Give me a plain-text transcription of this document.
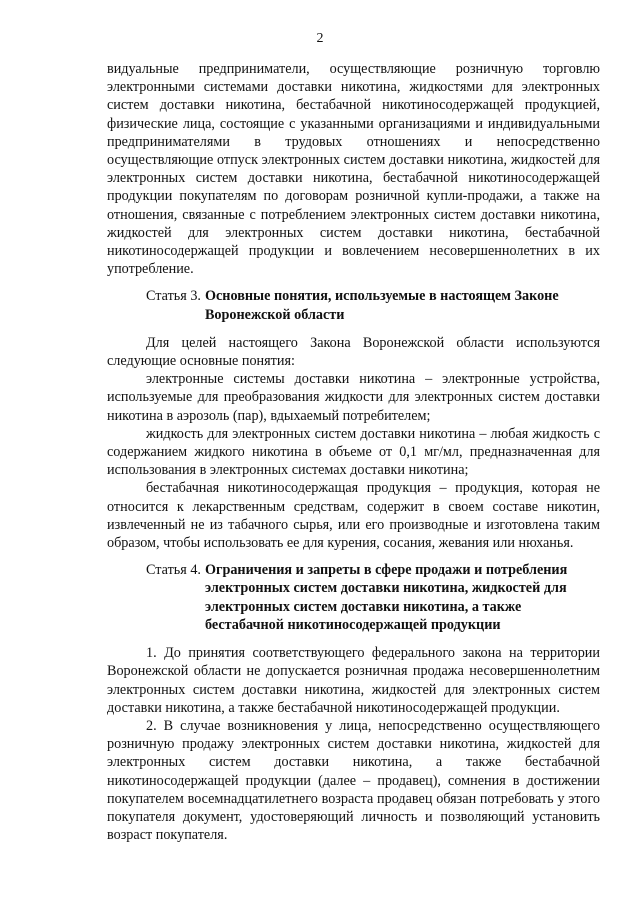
2

видуальные предприниматели, осуществляющие розничную торговлю электронными системами доставки никотина, жидкостями для электронных систем доставки никотина, бестабачной никотиносодержащей продукцией, физические лица, состоящие с указанными организациями и индивидуальными предпринимателями в трудовых отношениях и непосредственно осуществляющие отпуск электронных систем доставки никотина, жидкостей для электронных систем доставки никотина, бестабачной никотиносодержащей продукции покупателям по договорам розничной купли-продажи, а также на отношения, связанные с потреблением электронных систем доставки никотина, жидкостей для электронных систем доставки никотина, бестабачной никотиносодержащей продукции и вовлечением несовершеннолетних в их употребление.

Статья 3. Основные понятия, используемые в настоящем Законе Воронежской области

Для целей настоящего Закона Воронежской области используются следующие основные понятия:

электронные системы доставки никотина – электронные устройства, используемые для преобразования жидкости для электронных систем доставки никотина в аэрозоль (пар), вдыхаемый потребителем;

жидкость для электронных систем доставки никотина – любая жидкость с содержанием жидкого никотина в объеме от 0,1 мг/мл, предназначенная для использования в электронных системах доставки никотина;

бестабачная никотиносодержащая продукция – продукция, которая не относится к лекарственным средствам, содержит в своем составе никотин, извлеченный не из табачного сырья, или его производные и изготовлена таким образом, чтобы использовать ее для курения, сосания, жевания или нюханья.

Статья 4. Ограничения и запреты в сфере продажи и потребления электронных систем доставки никотина, жидкостей для электронных систем доставки никотина, а также бестабачной никотиносодержащей продукции

1. До принятия соответствующего федерального закона на территории Воронежской области не допускается розничная продажа несовершеннолетним электронных систем доставки никотина, жидкостей для электронных систем доставки никотина, а также бестабачной никотиносодержащей продукции.

2. В случае возникновения у лица, непосредственно осуществляющего розничную продажу электронных систем доставки никотина, жидкостей для электронных систем доставки никотина, а также бестабачной никотиносодержащей продукции (далее – продавец), сомнения в достижении покупателем восемнадцатилетнего возраста продавец обязан потребовать у этого покупателя документ, удостоверяющий личность и позволяющий установить возраст покупателя.
